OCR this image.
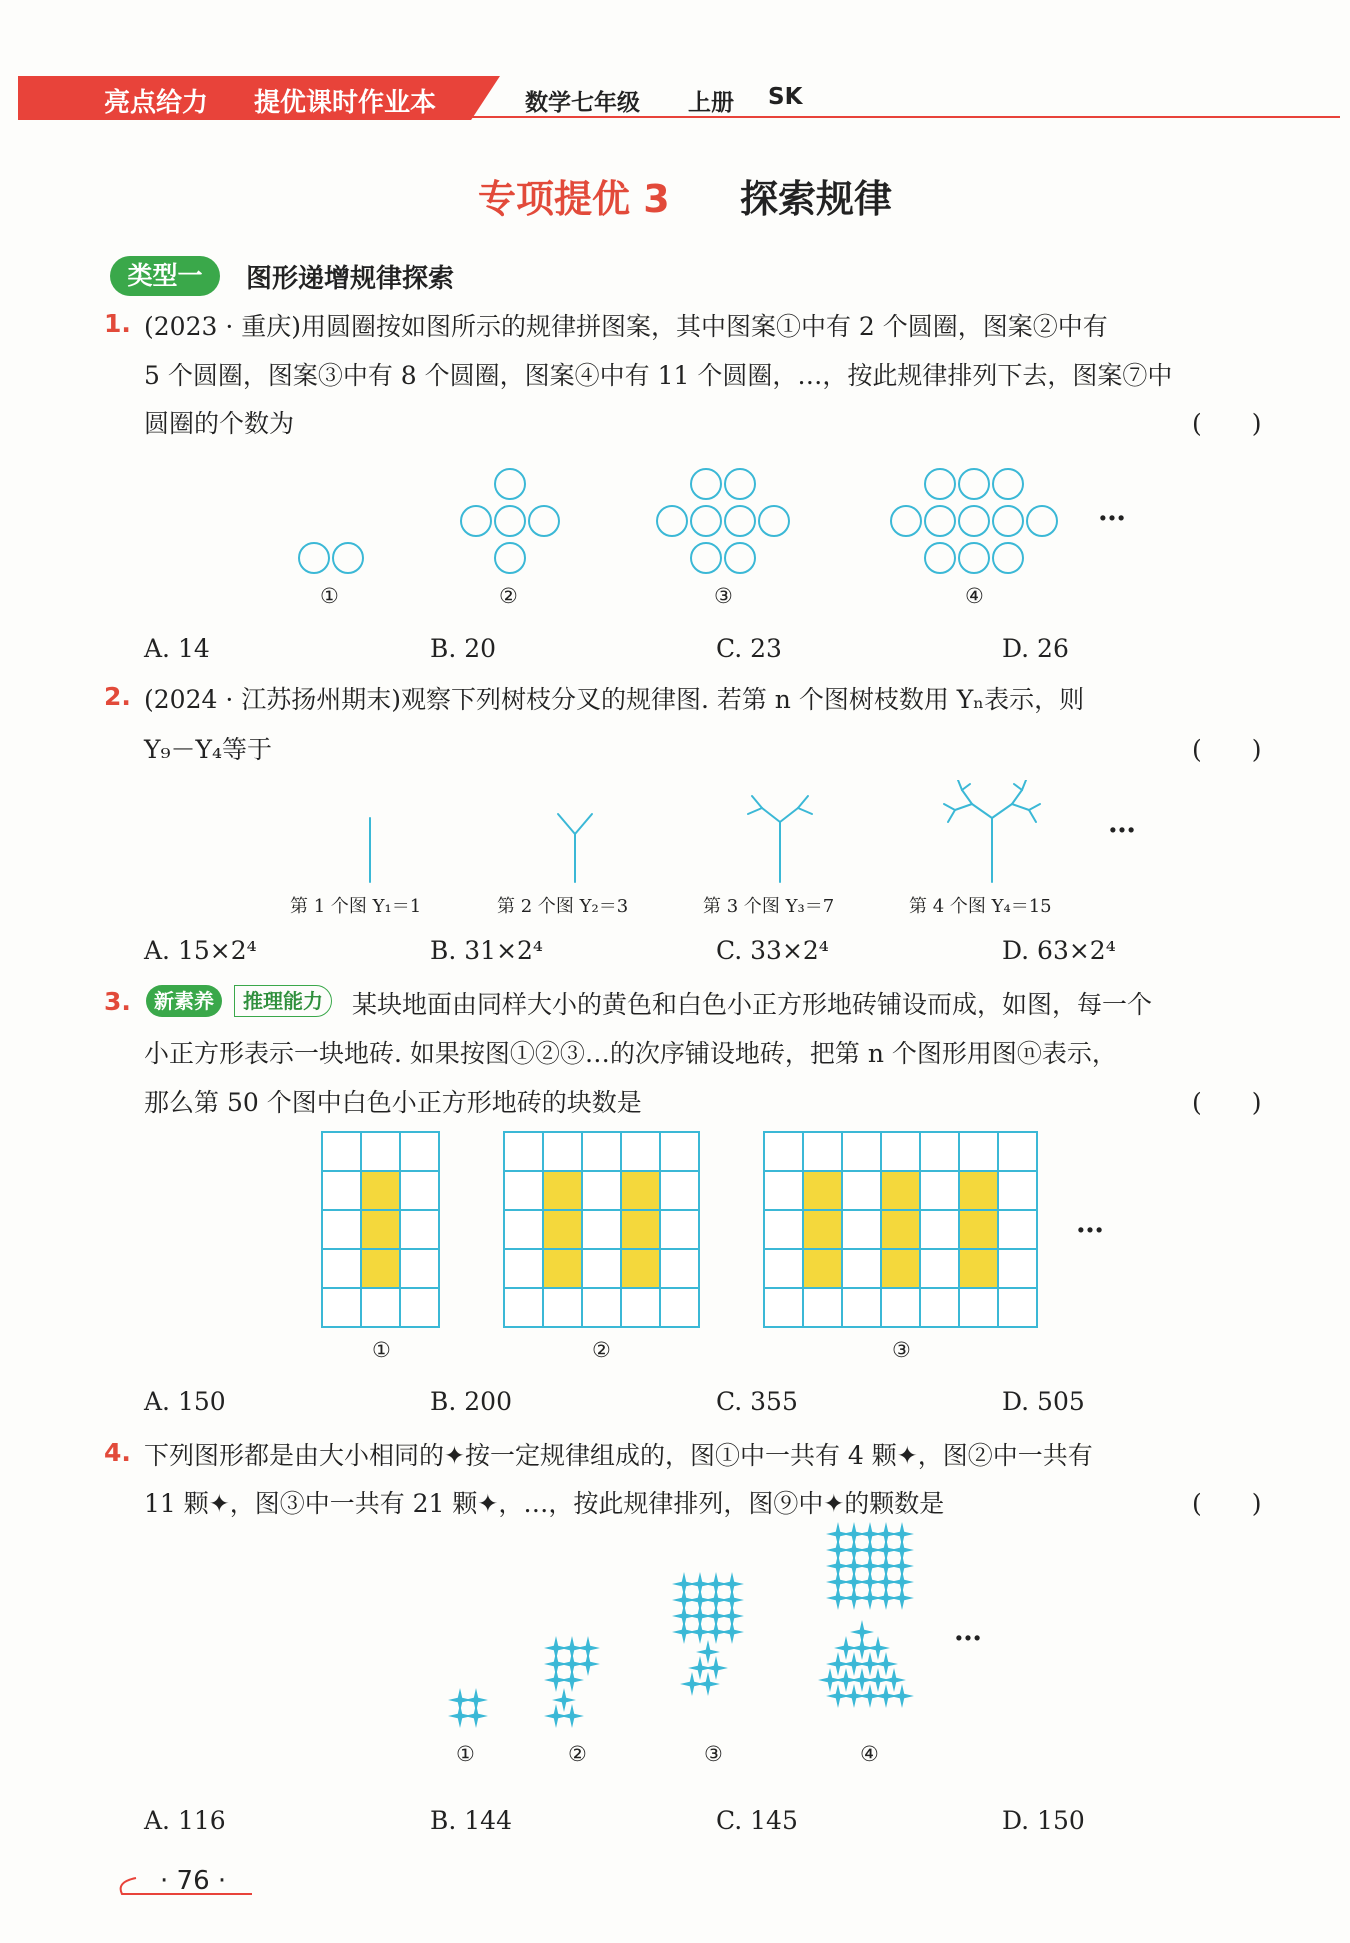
亮点给力 提优课时作业本	数学七年级 上册 SK
专项提优 3 探索规律
类型一	图形递增规律探索
1. (2023 · 重庆)用圆圈按如图所示的规律拼图案，其中图案①中有 2 个圆圈，图案②中有
5 个圆圈，图案③中有 8 个圆圈，图案④中有 11 个圆圈，…，按此规律排列下去，图案⑦中
圆圈的个数为	(　　)
①	②	③	④
…
A. 14	B. 20	C. 23	D. 26
2. (2024 · 江苏扬州期末)观察下列树枝分叉的规律图. 若第 n 个图树枝数用 Yₙ表示，则
Y₉－Y₄等于	(　　)
第 1 个图 Y₁＝1	第 2 个图 Y₂＝3	第 3 个图 Y₃＝7	第 4 个图 Y₄＝15
…
A. 15×2⁴	B. 31×2⁴	C. 33×2⁴	D. 63×2⁴
3.	新素养	推理能力	某块地面由同样大小的黄色和白色小正方形地砖铺设而成，如图，每一个
小正方形表示一块地砖. 如果按图①②③…的次序铺设地砖，把第 n 个图形用图ⓝ表示，
那么第 50 个图中白色小正方形地砖的块数是	(　　)
①	②	③
…
A. 150	B. 200	C. 355	D. 505
4. 下列图形都是由大小相同的✦按一定规律组成的，图①中一共有 4 颗✦，图②中一共有
11 颗✦，图③中一共有 21 颗✦，…，按此规律排列，图⑨中✦的颗数是	(　　)
①	②	③	④
…
A. 116	B. 144	C. 145	D. 150
· 76 ·
